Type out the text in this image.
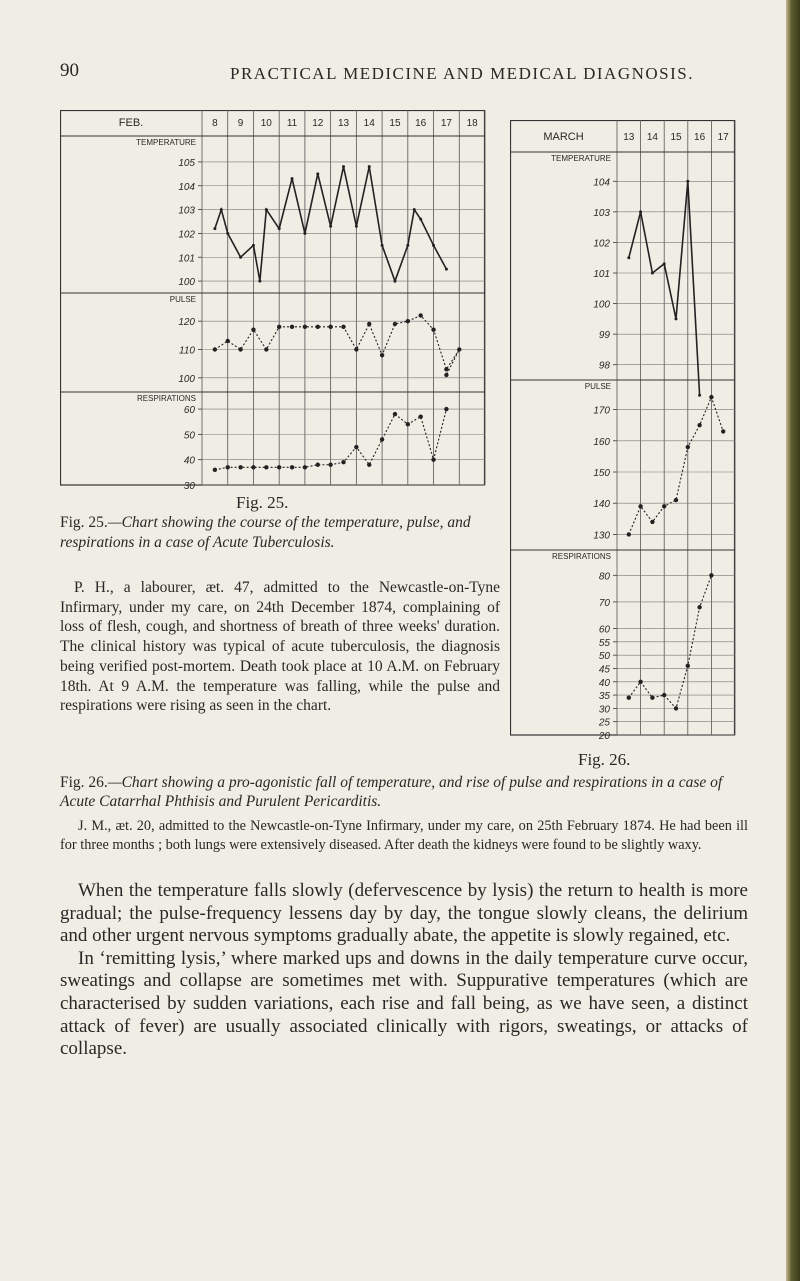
90	PRACTICAL MEDICINE AND MEDICAL DIAGNOSIS.
FEB.	8 9 10 11 12 13 14 15 16 17 18
TEMPERATURE
105
104
103
102
101
100
PULSE
120
110
100
RESPIRATIONS
60
50
40
30
MARCH	13 14 15 16 17
TEMPERATURE
104
103
102
101
100
99
98
PULSE
170
160
150
140
130
RESPIRATIONS
80
70
60
55
50
45
40
35
30
25
20
Fig. 25.
Fig. 25.—Chart showing the course of the temperature, pulse, and respirations in a case of Acute Tuberculosis.
P. H., a labourer, æt. 47, admitted to the Newcastle-on-Tyne Infirmary, under my care, on 24th December 1874, complaining of loss of flesh, cough, and shortness of breath of three weeks' duration. The clinical history was typical of acute tuberculosis, the diagnosis being verified post-mortem. Death took place at 10 A.M. on February 18th. At 9 A.M. the temperature was falling, while the pulse and respirations were rising as seen in the chart.
Fig. 26.
Fig. 26.—Chart showing a pro-agonistic fall of temperature, and rise of pulse and respirations in a case of Acute Catarrhal Phthisis and Purulent Pericarditis.
J. M., æt. 20, admitted to the Newcastle-on-Tyne Infirmary, under my care, on 25th February 1874. He had been ill for three months ; both lungs were extensively diseased. After death the kidneys were found to be slightly waxy.

When the temperature falls slowly (defervescence by lysis) the return to health is more gradual; the pulse-frequency lessens day by day, the tongue slowly cleans, the delirium and other urgent nervous symptoms gradually abate, the appetite is slowly regained, etc.

In ‘remitting lysis,’ where marked ups and downs in the daily temperature curve occur, sweatings and collapse are sometimes met with. Suppurative temperatures (which are characterised by sudden variations, each rise and fall being, as we have seen, a distinct attack of fever) are usually associated clinically with rigors, sweatings, or attacks of collapse.
